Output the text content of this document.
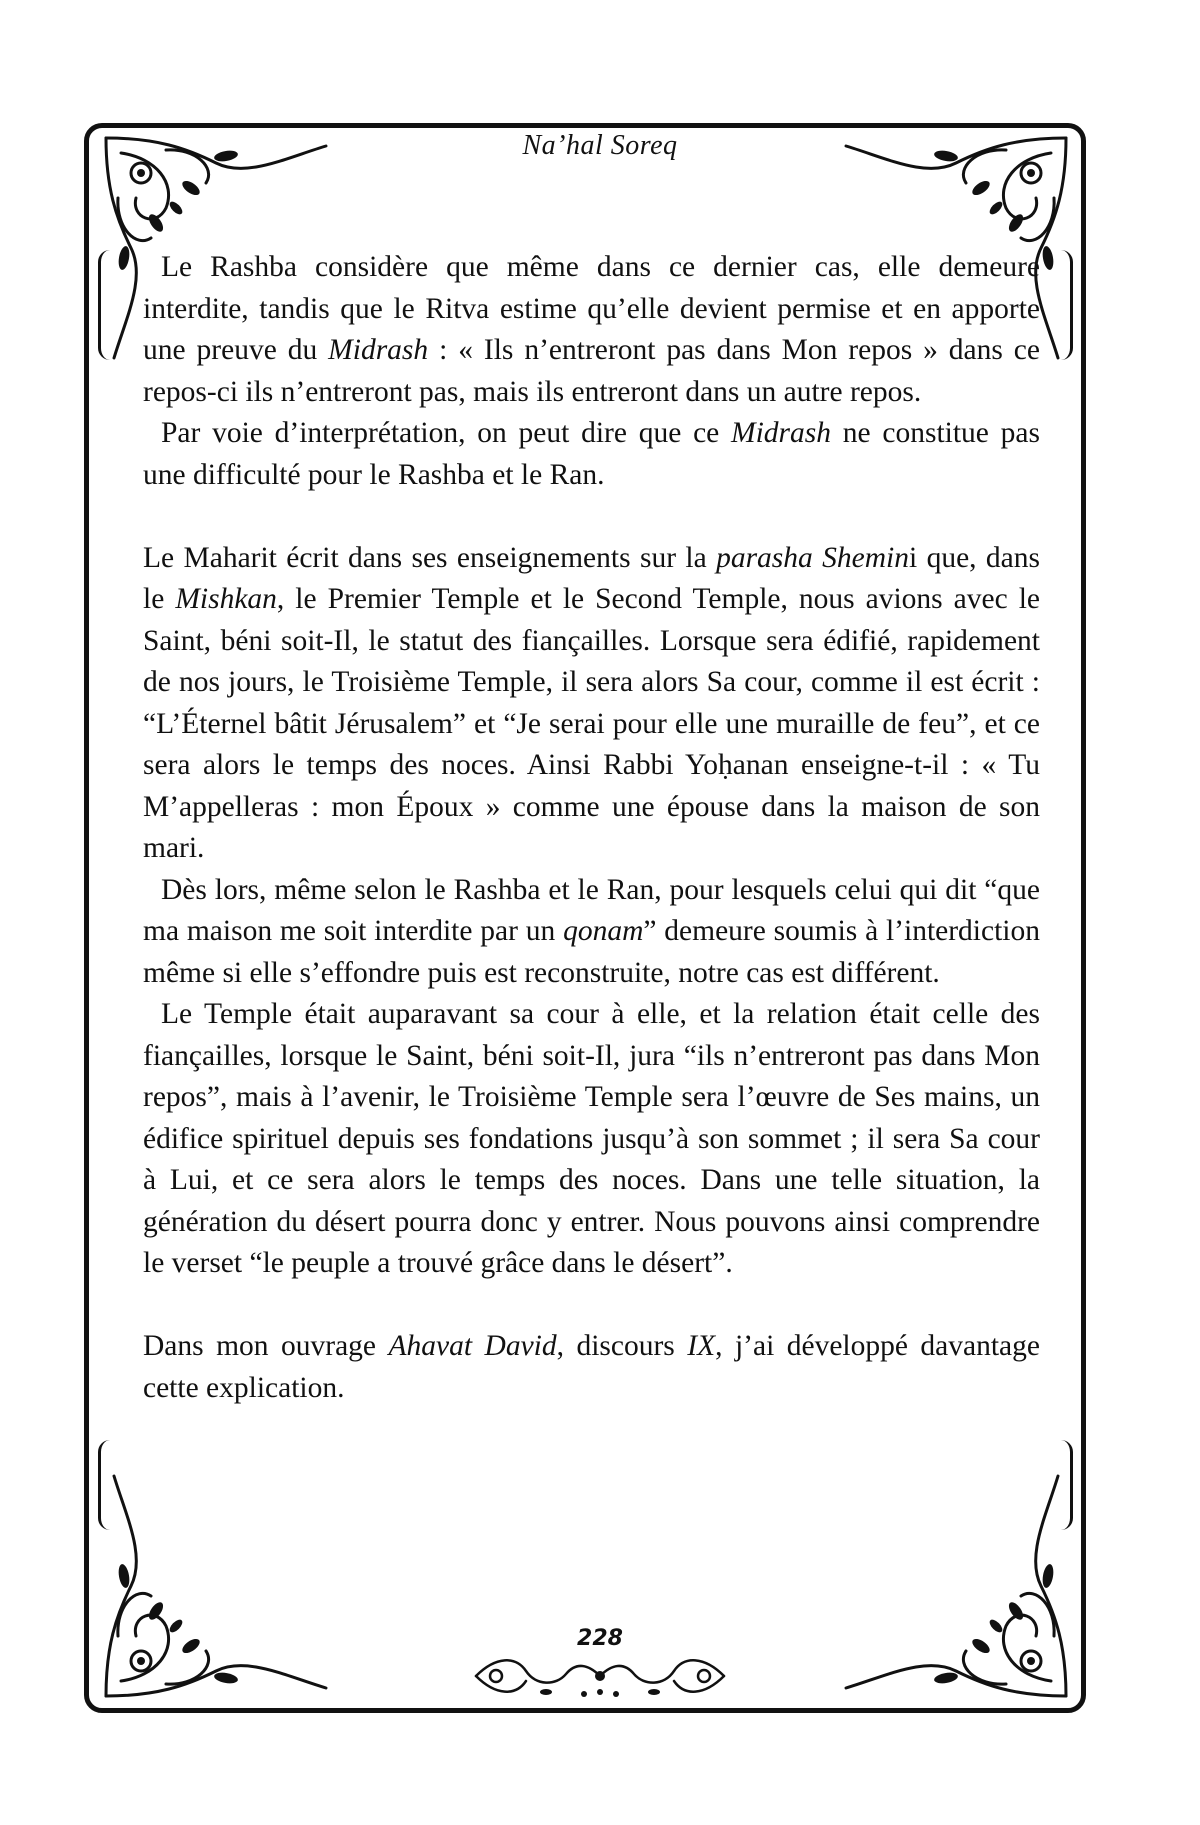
Na’hal Soreq

Le Rashba considère que même dans ce dernier cas, elle demeure interdite, tandis que le Ritva estime qu’elle devient permise et en apporte une preuve du Midrash : « Ils n’entreront pas dans Mon repos » dans ce repos-ci ils n’entreront pas, mais ils entreront dans un autre repos.

Par voie d’interprétation, on peut dire que ce Midrash ne constitue pas une difficulté pour le Rashba et le Ran.

Le Maharit écrit dans ses enseignements sur la parasha Shemini que, dans le Mishkan, le Premier Temple et le Second Temple, nous avions avec le Saint, béni soit-Il, le statut des fiançailles. Lorsque sera édifié, rapidement de nos jours, le Troisième Temple, il sera alors Sa cour, comme il est écrit : “L’Éternel bâtit Jérusalem” et “Je serai pour elle une muraille de feu”, et ce sera alors le temps des noces. Ainsi Rabbi Yoḥanan enseigne-t-il : « Tu M’appelleras : mon Époux » comme une épouse dans la maison de son mari.

Dès lors, même selon le Rashba et le Ran, pour lesquels celui qui dit “que ma maison me soit interdite par un qonam” demeure soumis à l’interdiction même si elle s’effondre puis est reconstruite, notre cas est différent.

Le Temple était auparavant sa cour à elle, et la relation était celle des fiançailles, lorsque le Saint, béni soit-Il, jura “ils n’entreront pas dans Mon repos”, mais à l’avenir, le Troisième Temple sera l’œuvre de Ses mains, un édifice spirituel depuis ses fondations jusqu’à son sommet ; il sera Sa cour à Lui, et ce sera alors le temps des noces. Dans une telle situation, la génération du désert pourra donc y entrer. Nous pouvons ainsi comprendre le verset “le peuple a trouvé grâce dans le désert”.

Dans mon ouvrage Ahavat David, discours IX, j’ai développé davantage cette explication.

228
